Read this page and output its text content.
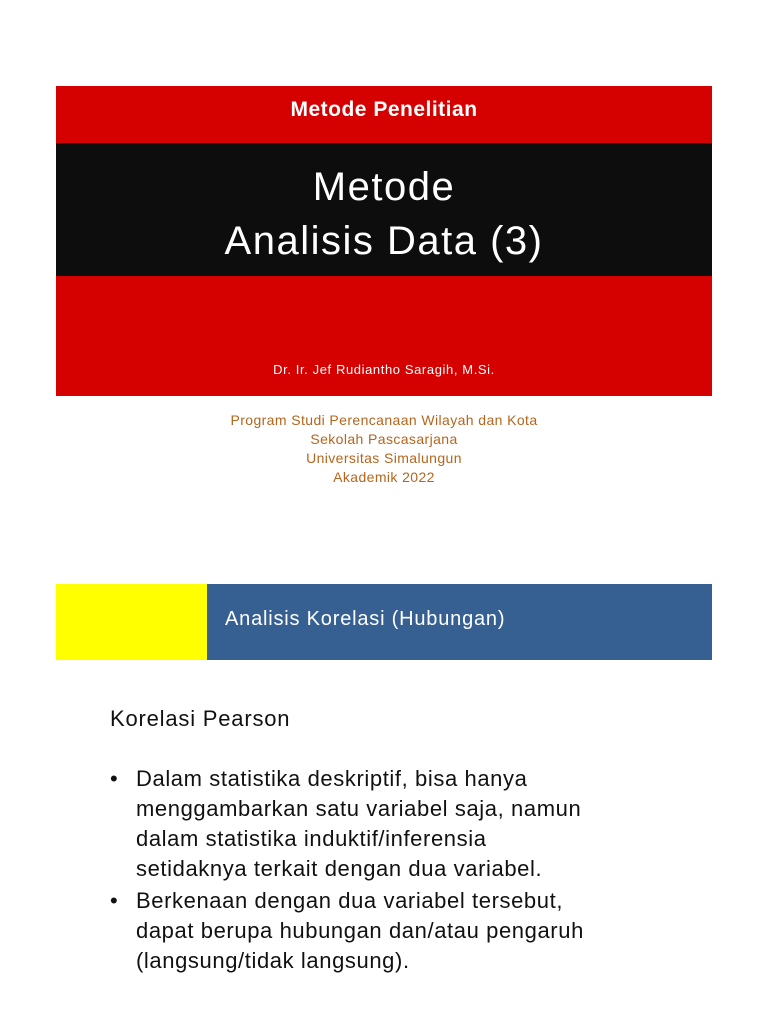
Metode Penelitian
Metode
Analisis Data (3)
Dr. Ir. Jef Rudiantho Saragih, M.Si.
Program Studi Perencanaan Wilayah dan Kota
Sekolah Pascasarjana
Universitas Simalungun
Akademik 2022
Analisis Korelasi (Hubungan)
Korelasi Pearson
• Dalam statistika deskriptif, bisa hanya
menggambarkan satu variabel saja, namun
dalam statistika induktif/inferensia
setidaknya terkait dengan dua variabel.
• Berkenaan dengan dua variabel tersebut,
dapat berupa hubungan dan/atau pengaruh
(langsung/tidak langsung).
